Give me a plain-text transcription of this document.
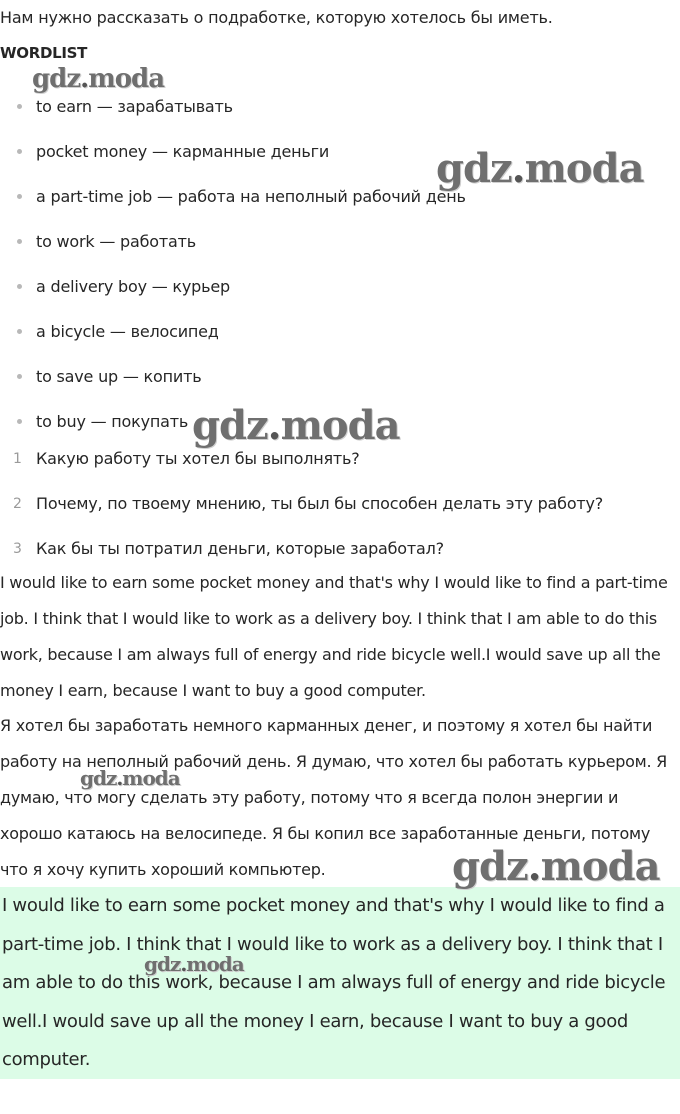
Нам нужно рассказать о подработке, которую хотелось бы иметь.
WORDLIST
to earn — зарабатывать
pocket money — карманные деньги
a part-time job — работа на неполный рабочий день
to work — работать
a delivery boy — курьер
a bicycle — велосипед
to save up — копить
to buy — покупать
1 Какую работу ты хотел бы выполнять?
2 Почему, по твоему мнению, ты был бы способен делать эту работу?
3 Как бы ты потратил деньги, которые заработал?

I would like to earn some pocket money and that's why I would like to find a part-time job. I think that I would like to work as a delivery boy. I think that I am able to do this work, because I am always full of energy and ride bicycle well.I would save up all the money I earn, because I want to buy a good computer.

Я хотел бы заработать немного карманных денег, и поэтому я хотел бы найти работу на неполный рабочий день. Я думаю, что хотел бы работать курьером. Я думаю, что могу сделать эту работу, потому что я всегда полон энергии и хорошо катаюсь на велосипеде. Я бы копил все заработанные деньги, потому что я хочу купить хороший компьютер.

I would like to earn some pocket money and that's why I would like to find a part-time job. I think that I would like to work as a delivery boy. I think that I am able to do this work, because I am always full of energy and ride bicycle well.I would save up all the money I earn, because I want to buy a good computer.

gdz.moda
gdz.moda
gdz.moda
gdz.moda
gdz.moda
gdz.moda
